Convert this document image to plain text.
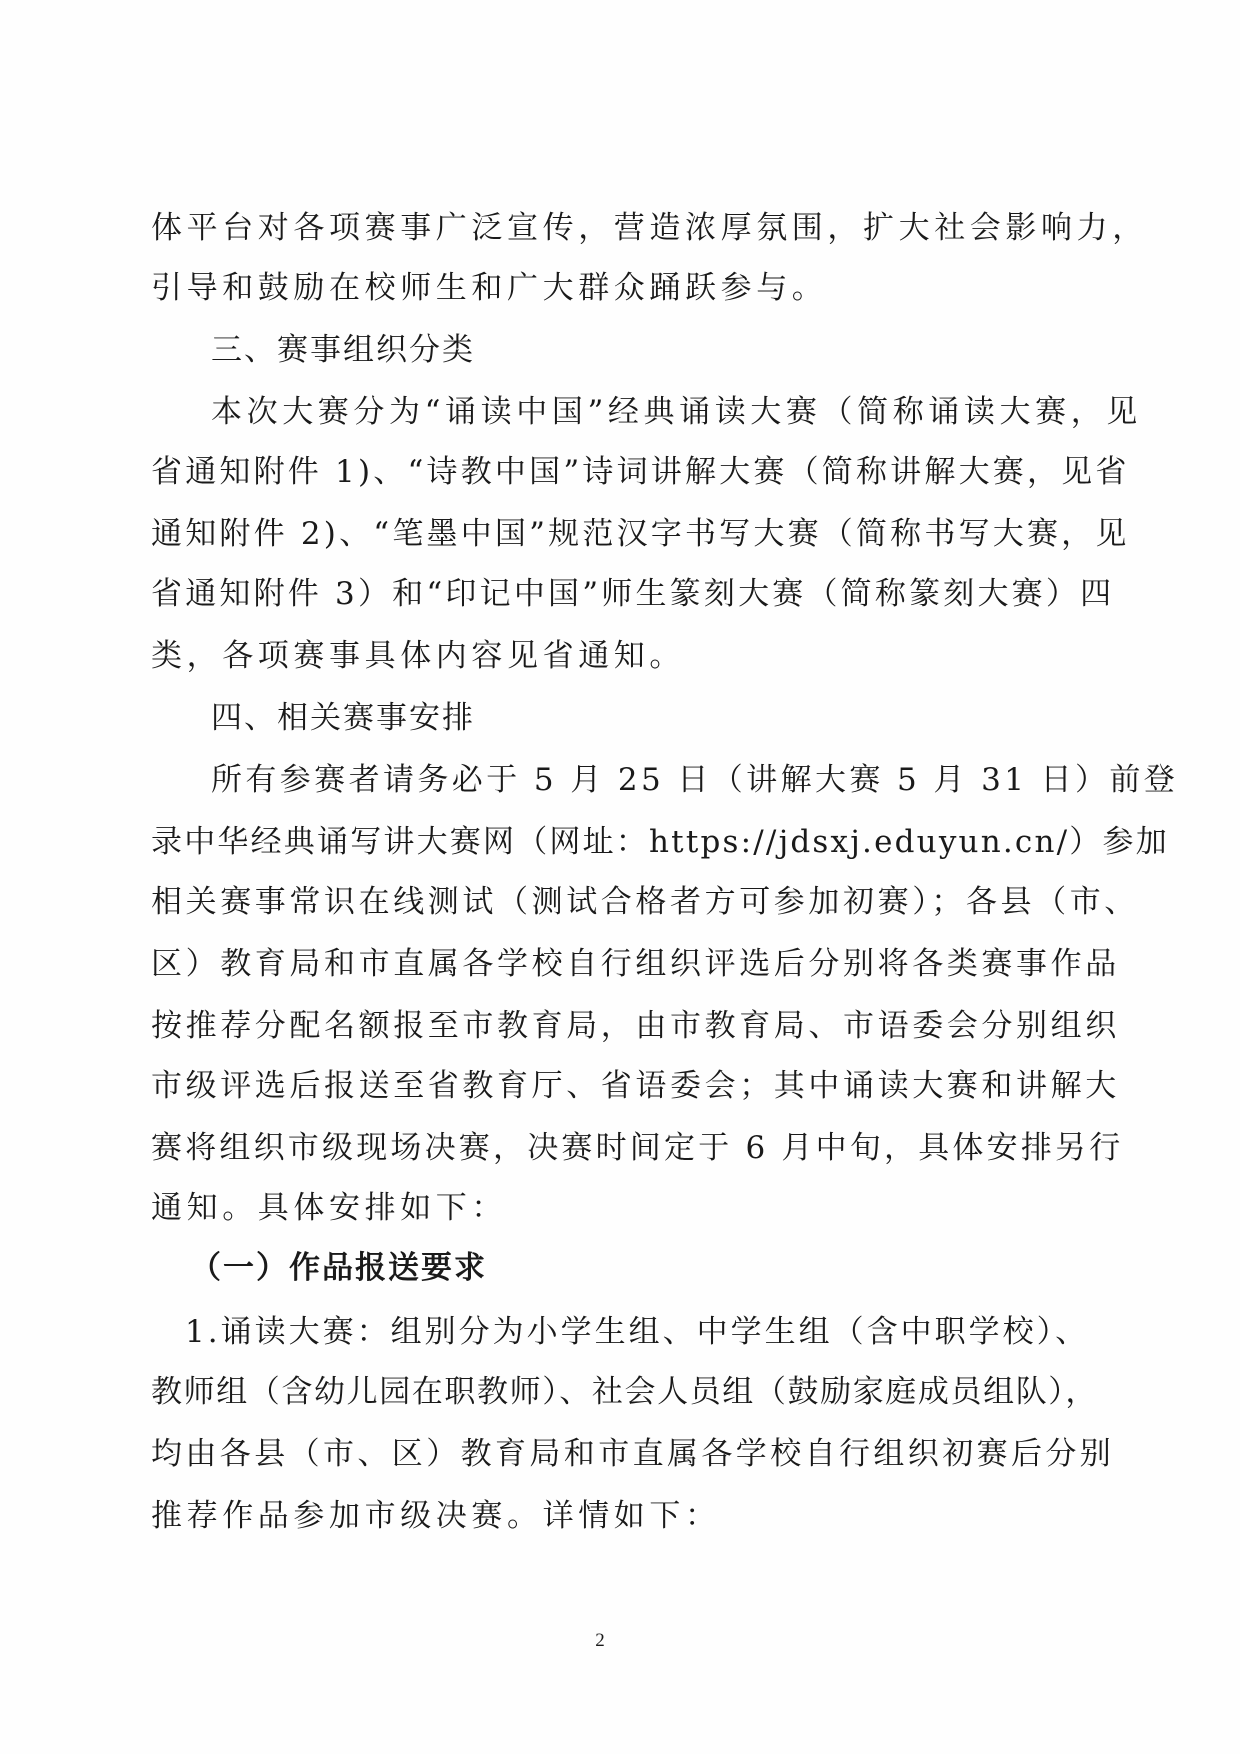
体平台对各项赛事广泛宣传，营造浓厚氛围，扩大社会影响力，
引导和鼓励在校师生和广大群众踊跃参与。
三、赛事组织分类
本次大赛分为“诵读中国”经典诵读大赛（简称诵读大赛，见
省通知附件 1)、“诗教中国”诗词讲解大赛（简称讲解大赛，见省
通知附件 2)、“笔墨中国”规范汉字书写大赛（简称书写大赛，见
省通知附件 3）和“印记中国”师生篆刻大赛（简称篆刻大赛）四
类，各项赛事具体内容见省通知。
四、相关赛事安排
所有参赛者请务必于 5 月 25 日（讲解大赛 5 月 31 日）前登
录中华经典诵写讲大赛网（网址：https://jdsxj.eduyun.cn/）参加
相关赛事常识在线测试（测试合格者方可参加初赛）；各县（市、
区）教育局和市直属各学校自行组织评选后分别将各类赛事作品
按推荐分配名额报至市教育局，由市教育局、市语委会分别组织
市级评选后报送至省教育厅、省语委会；其中诵读大赛和讲解大
赛将组织市级现场决赛，决赛时间定于 6 月中旬，具体安排另行
通知。具体安排如下：
（一）作品报送要求
1.诵读大赛：组别分为小学生组、中学生组（含中职学校）、
教师组（含幼儿园在职教师）、社会人员组（鼓励家庭成员组队），
均由各县（市、区）教育局和市直属各学校自行组织初赛后分别
推荐作品参加市级决赛。详情如下：
2
